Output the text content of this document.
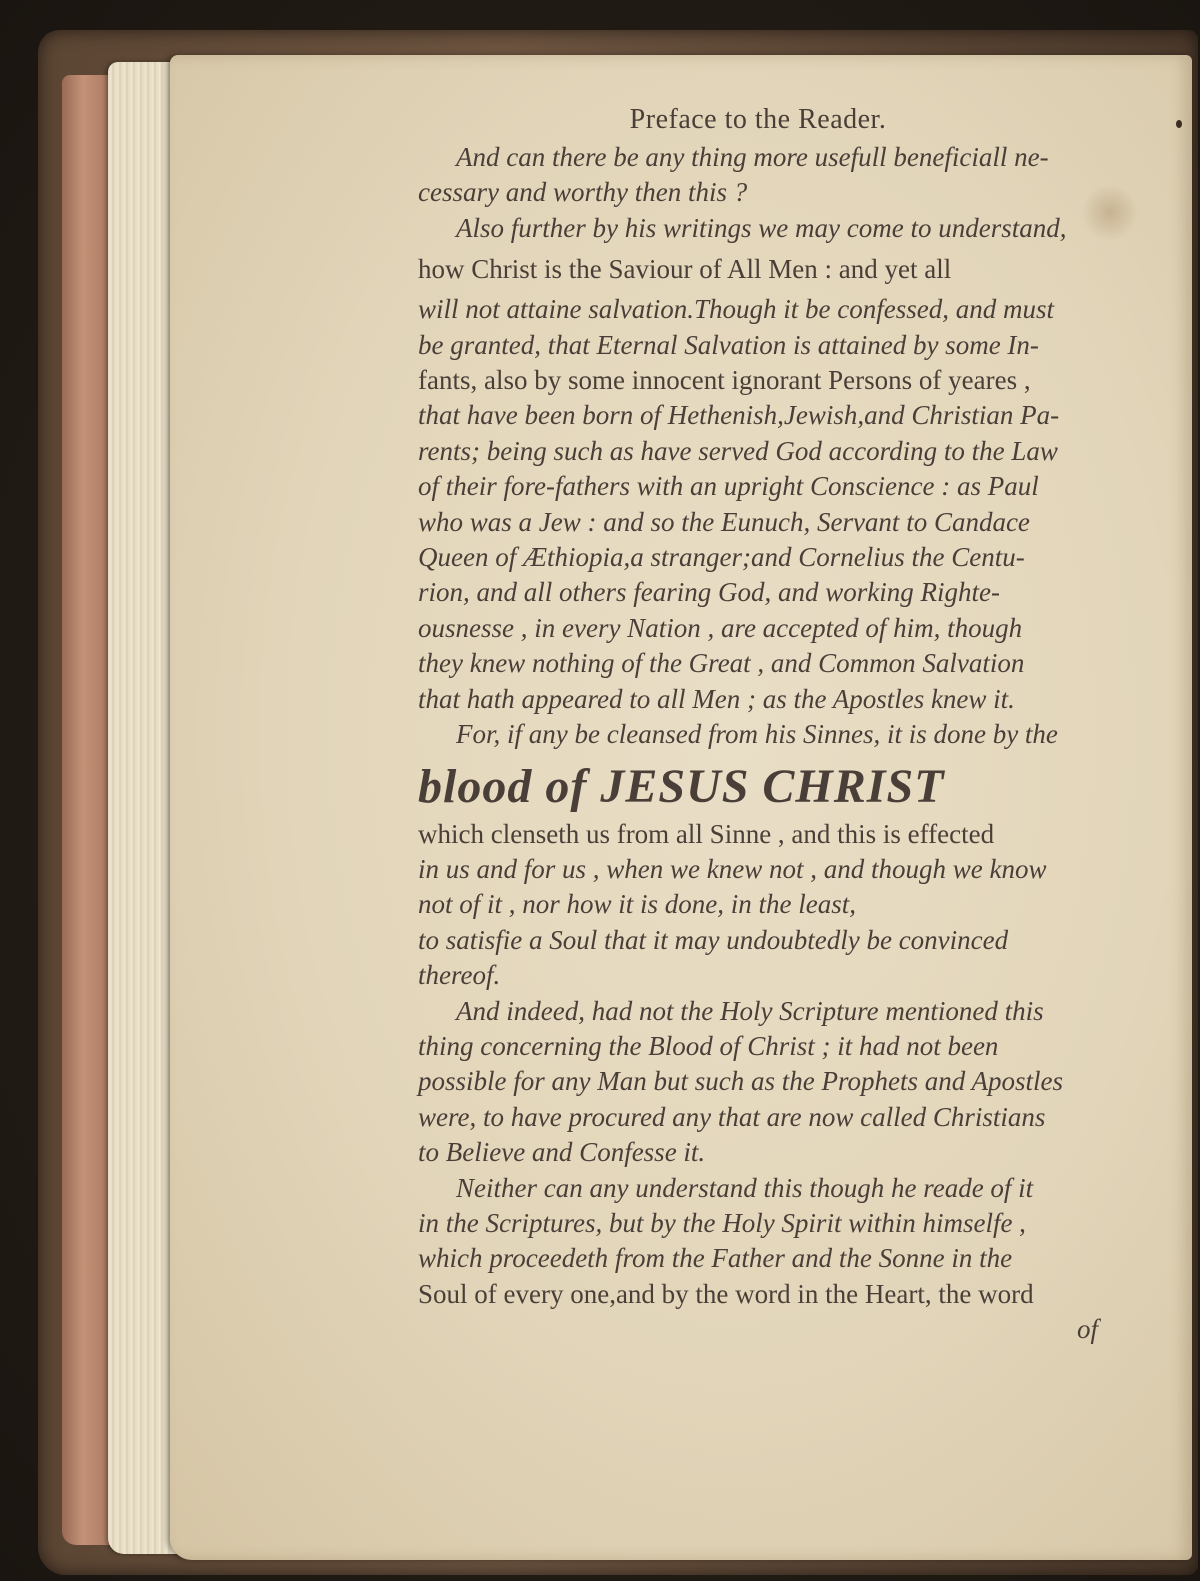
Preface to the Reader.
And can there be any thing more usefull beneficiall ne-
cessary and worthy then this ?
Also further by his writings we may come to understand,
how Christ is the Saviour of All Men : and yet all
will not attaine salvation.Though it be confessed, and must
be granted, that Eternal Salvation is attained by some In-
fants, also by some innocent ignorant Persons of yeares ,
that have been born of Hethenish,Jewish,and Christian Pa-
rents; being such as have served God according to the Law
of their fore-fathers with an upright Conscience : as Paul
who was a Jew : and so the Eunuch, Servant to Candace
Queen of Æthiopia,a stranger;and Cornelius the Centu-
rion, and all others fearing God, and working Righte-
ousnesse , in every Nation , are accepted of him, though
they knew nothing of the Great , and Common Salvation
that hath appeared to all Men ; as the Apostles knew it.
For, if any be cleansed from his Sinnes, it is done by the
blood of JESUS CHRIST
which clenseth us from all Sinne , and this is effected
in us and for us , when we knew not , and though we know
not of it , nor how it is done, in the least,
to satisfie a Soul that it may undoubtedly be convinced
thereof.
And indeed, had not the Holy Scripture mentioned this
thing concerning the Blood of Christ ; it had not been
possible for any Man but such as the Prophets and Apostles
were, to have procured any that are now called Christians
to Believe and Confesse it.
Neither can any understand this though he reade of it
in the Scriptures, but by the Holy Spirit within himselfe ,
which proceedeth from the Father and the Sonne in the
Soul of every one,and by the word in the Heart, the word
of
